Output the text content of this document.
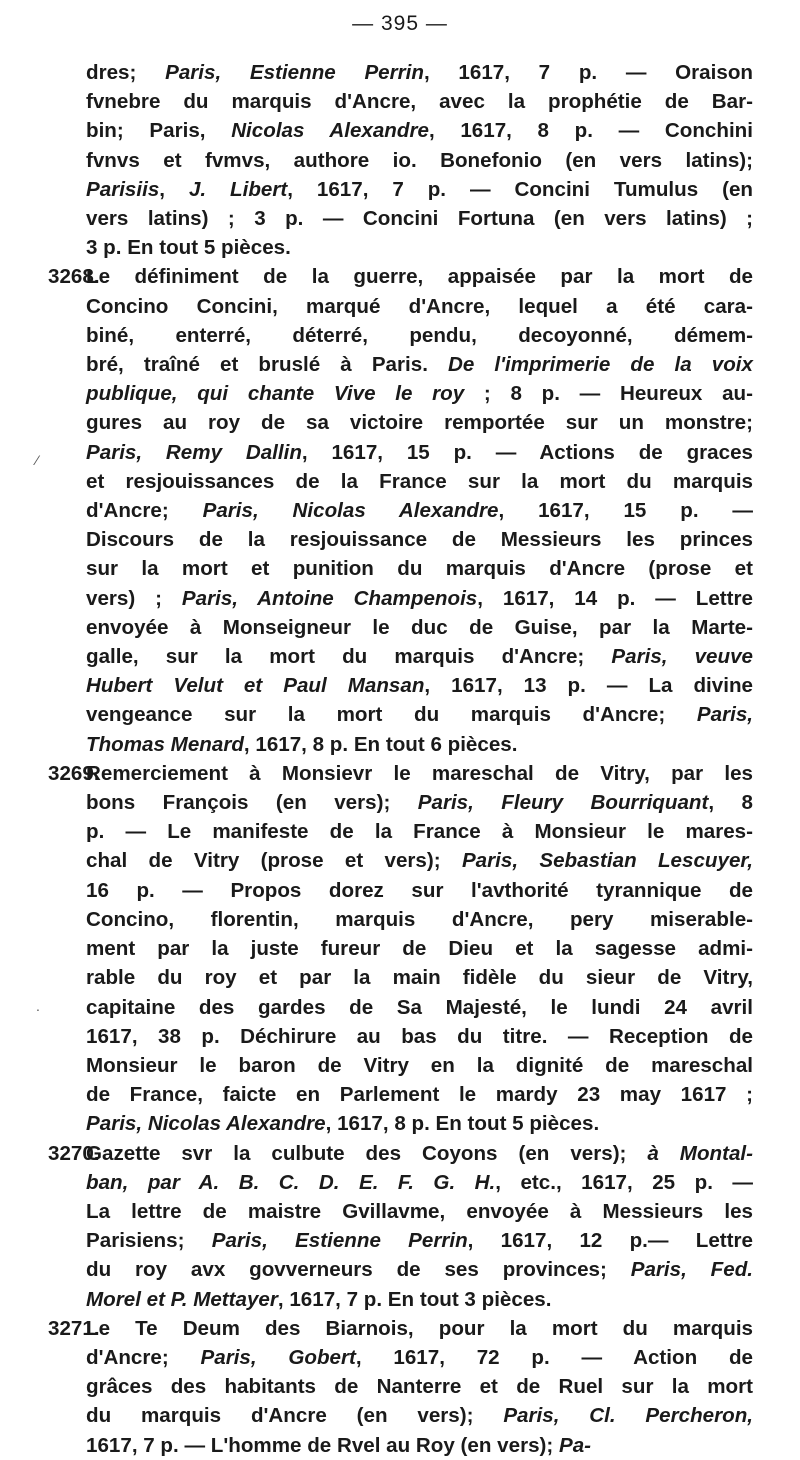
— 395 —
dres; Paris, Estienne Perrin, 1617, 7 p. — Oraison
fvnebre du marquis d'Ancre, avec la prophétie de Bar-
bin; Paris, Nicolas Alexandre, 1617, 8 p. — Conchini
fvnvs et fvmvs, authore io. Bonefonio (en vers latins);
Parisiis, J. Libert, 1617, 7 p. — Concini Tumulus (en
vers latins) ; 3 p. — Concini Fortuna (en vers latins) ;
3 p. En tout 5 pièces.
3268.Le définiment de la guerre, appaisée par la mort de
Concino Concini, marqué d'Ancre, lequel a été cara-
biné, enterré, déterré, pendu, decoyonné, démem-
bré, traîné et bruslé à Paris. De l'imprimerie de la voix
publique, qui chante Vive le roy ; 8 p. — Heureux au-
gures au roy de sa victoire remportée sur un monstre;
Paris, Remy Dallin, 1617, 15 p. — Actions de graces
et resjouissances de la France sur la mort du marquis
d'Ancre; Paris, Nicolas Alexandre, 1617, 15 p. —
Discours de la resjouissance de Messieurs les princes
sur la mort et punition du marquis d'Ancre (prose et
vers) ; Paris, Antoine Champenois, 1617, 14 p. — Lettre
envoyée à Monseigneur le duc de Guise, par la Marte-
galle, sur la mort du marquis d'Ancre; Paris, veuve
Hubert Velut et Paul Mansan, 1617, 13 p. — La divine
vengeance sur la mort du marquis d'Ancre; Paris,
Thomas Menard, 1617, 8 p. En tout 6 pièces.
3269.Remerciement à Monsievr le mareschal de Vitry, par les
bons François (en vers); Paris, Fleury Bourriquant, 8
p. — Le manifeste de la France à Monsieur le mares-
chal de Vitry (prose et vers); Paris, Sebastian Lescuyer,
16 p. — Propos dorez sur l'avthorité tyrannique de
Concino, florentin, marquis d'Ancre, pery miserable-
ment par la juste fureur de Dieu et la sagesse admi-
rable du roy et par la main fidèle du sieur de Vitry,
capitaine des gardes de Sa Majesté, le lundi 24 avril
1617, 38 p. Déchirure au bas du titre. — Reception de
Monsieur le baron de Vitry en la dignité de mareschal
de France, faicte en Parlement le mardy 23 may 1617 ;
Paris, Nicolas Alexandre, 1617, 8 p. En tout 5 pièces.
3270.Gazette svr la culbute des Coyons (en vers); à Montal-
ban, par A. B. C. D. E. F. G. H., etc., 1617, 25 p. —
La lettre de maistre Gvillavme, envoyée à Messieurs les
Parisiens; Paris, Estienne Perrin, 1617, 12 p.— Lettre
du roy avx govverneurs de ses provinces; Paris, Fed.
Morel et P. Mettayer, 1617, 7 p. En tout 3 pièces.
3271.Le Te Deum des Biarnois, pour la mort du marquis
d'Ancre; Paris, Gobert, 1617, 72 p. — Action de
grâces des habitants de Nanterre et de Ruel sur la mort
du marquis d'Ancre (en vers); Paris, Cl. Percheron,
1617, 7 p. — L'homme de Rvel au Roy (en vers); Pa-
⁄
.
